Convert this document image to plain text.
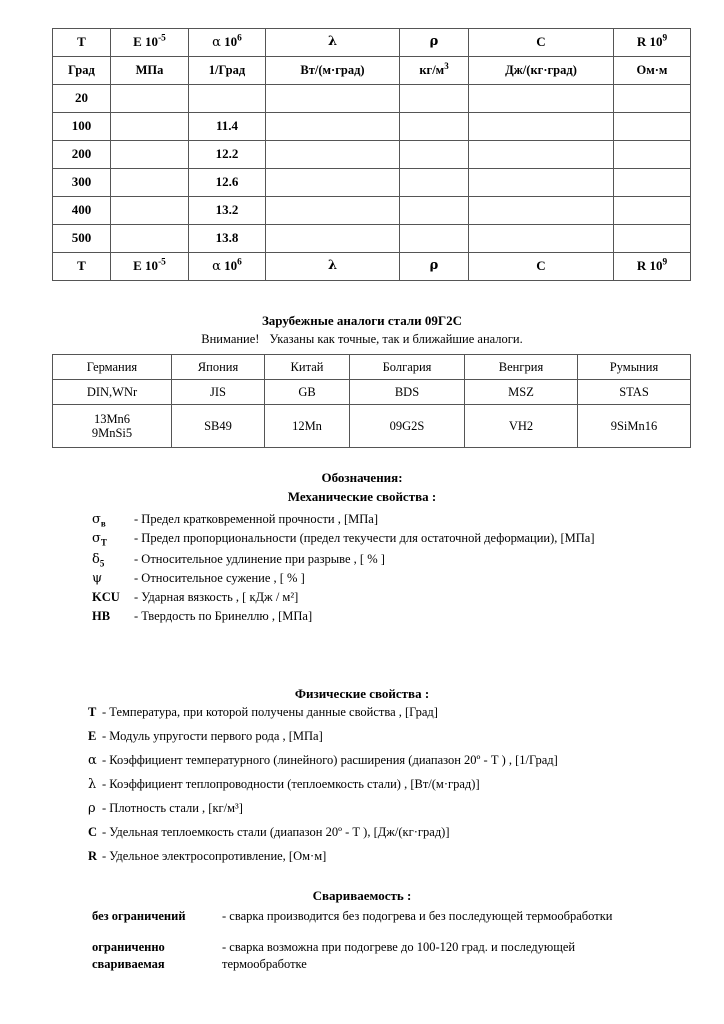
T	E $10^{-5}$	α $10^6$	λ	ρ	C	R $10^9$
Град	МПа	1/Град	Вт/(м·град)	$кг/м^3$	Дж/(кг·град)	Ом·м
20						
100		11.4				
200		12.2				
300		12.6				
400		13.2				
500		13.8				
T	E $10^{-5}$	α $10^6$	λ	ρ	C	R $10^9$
Зарубежные аналоги стали 09Г2С
Внимание! Указаны как точные, так и ближайшие аналоги.
Германия	Япония	Китай	Болгария	Венгрия	Румыния
DIN,WNr	JIS	GB	BDS	MSZ	STAS

13Mn6
9MnSi5	SB49	12Mn	09G2S	VH2	9SiMn16
Обозначения:
Механические свойства :
$\sigma_в$	- Предел кратковременной прочности , [МПа]
$\sigma_Т$	- Предел пропорциональности (предел текучести для остаточной деформации), [МПа]
$\delta_5$	- Относительное удлинение при разрыве , [ % ]
ψ	- Относительное сужение , [ % ]
KCU	- Ударная вязкость , [ кДж / м²]
HB	- Твердость по Бринеллю , [МПа]
Физические свойства :
T - Температура, при которой получены данные свойства , [Град]
E - Модуль упругости первого рода , [МПа]
α - Коэффициент температурного (линейного) расширения (диапазон 20º - Т ) , [1/Град]
λ - Коэффициент теплопроводности (теплоемкость стали) , [Вт/(м·град)]
ρ - Плотность стали , [кг/м³]
C - Удельная теплоемкость стали (диапазон 20º - Т ), [Дж/(кг·град)]
R - Удельное электросопротивление, [Ом·м]
Свариваемость :
без ограничений	- сварка производится без подогрева и без последующей термообработки
ограниченно свариваемая
- сварка возможна при подогреве до 100-120 град. и последующей термообработке
